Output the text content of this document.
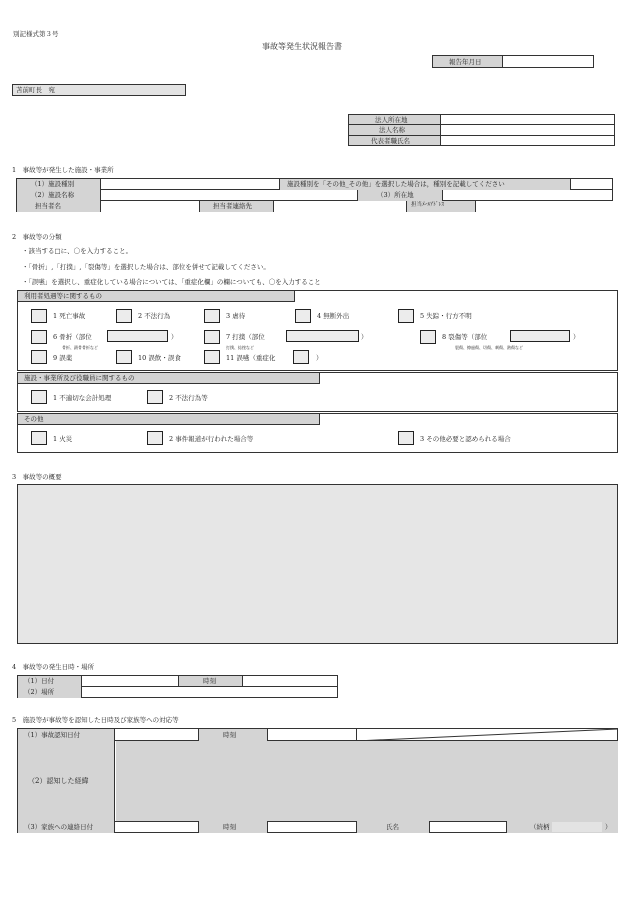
別記様式第３号
事故等発生状況報告書
報告年月日
苫前町長　宛
法人所在地
法人名称
代表者職氏名
1　事故等が発生した施設・事業所
（1）施設種別	施設種別を「その他_その他」を選択した場合は，種別を記載してください
（2）施設名称	（3）所在地
担当者名	担当者連絡先	担当ﾒｰﾙｱﾄﾞﾚｽ
2　事故等の分類
・該当する□に、〇を入力すること。
・「骨折」,「打撲」,「裂傷等」を選択した場合は、部位を併せて記載してください。
・「誤嚥」を選択し、重症化している場合については、「重症化欄」の欄についても、〇を入力すること
利用者処遇等に関するもの
1 死亡事故	2 不法行為	3 虐待	4 無断外出	5 失踪・行方不明
6 骨折（部位	）
骨折、鎖骨骨折など
7 打撲（部位	）
打撲、捻挫など
8 裂傷等（部位	）
裂傷、擦過傷、切傷、刺傷、熱傷など
9 誤薬	10 誤飲・誤食	11 誤嚥（重症化	）
施設・事業所及び役職員に関するもの
1 不適切な会計処理	2 不法行為等
その他
1 火災	2 事件報道が行われた場合等	3 その他必要と認められる場合
3　事故等の概要
4　事故等の発生日時・場所
（1）日付	時刻
（2）場所
5　施設等が事故等を認知した日時及び家族等への対応等
（1）事故認知日付	時刻
（2）認知した経緯
（3）家族への連絡日付	時刻	氏名	（続柄	）
